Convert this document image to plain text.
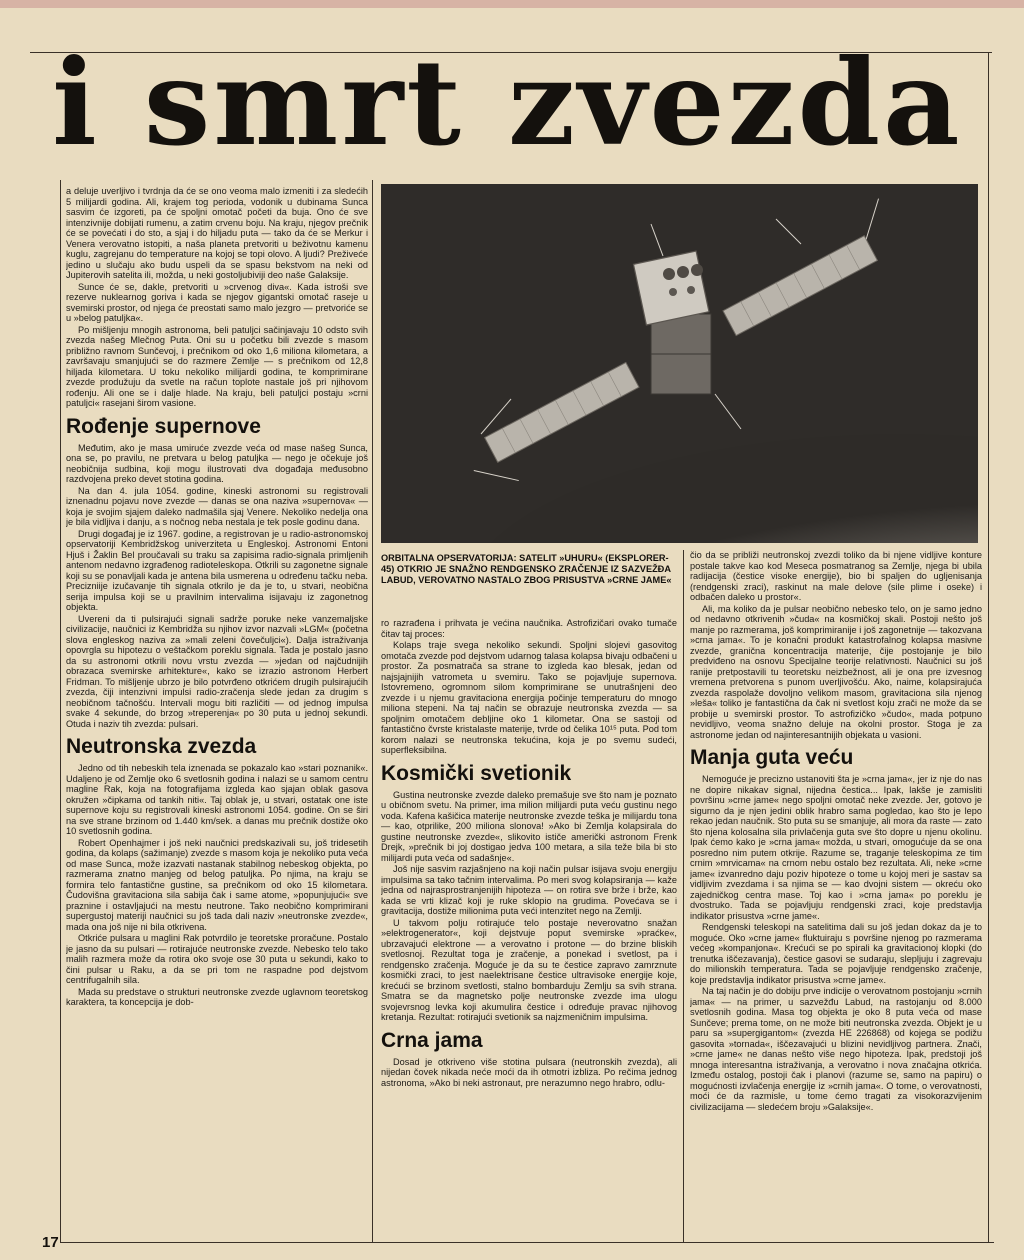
i smrt zvezda

a deluje uverljivo i tvrdnja da će se ono veoma malo izmeniti i za sledećih 5 milijardi godina. Ali, krajem tog perioda, vodonik u dubinama Sunca sasvim će izgoreti, pa će spoljni omotač početi da buja. Ono će sve intenzivnije dobijati rumenu, a zatim crvenu boju. Na kraju, njegov prečnik će se povećati i do sto, a sjaj i do hiljadu puta — tako da će se Merkur i Venera verovatno istopiti, a naša planeta pretvoriti u beživotnu kamenu kuglu, zagrejanu do temperature na kojoj se topi olovo. A ljudi? Preživeće jedino u slučaju ako budu uspeli da se spasu bekstvom na neki od Jupiterovih satelita ili, možda, u neki gostoljubiviji deo naše Galaksije.

Sunce će se, dakle, pretvoriti u »crvenog diva«. Kada istroši sve rezerve nuklearnog goriva i kada se njegov gigantski omotač raseje u svemirski prostor, od njega će preostati samo malo jezgro — pretvoriće se u »belog patuljka«.

Po mišljenju mnogih astronoma, beli patuljci sačinjavaju 10 odsto svih zvezda našeg Mlečnog Puta. Oni su u početku bili zvezde s masom približno ravnom Sunčevoj, i prečnikom od oko 1,6 miliona kilometara, a završavaju smanjujući se do razmere Zemlje — s prečnikom od 12,8 hiljada kilometara. U toku nekoliko milijardi godina, te komprimirane zvezde produžuju da svetle na račun toplote nastale još pri njihovom rođenju. Ali one se i dalje hlade. Na kraju, beli patuljci postaju »crni patuljci« rasejani širom vasione.

Rođenje supernove

Međutim, ako je masa umiruće zvezde veća od mase našeg Sunca, ona se, po pravilu, ne pretvara u belog patuljka — nego je očekuje još neobičnija sudbina, koji mogu ilustrovati dva događaja međusobno razdvojena preko devet stotina godina.

Na dan 4. jula 1054. godine, kineski astronomi su registrovali iznenadnu pojavu nove zvezde — danas se ona naziva »supernova« — koja je svojim sjajem daleko nadmašila sjaj Venere. Nekoliko nedelja ona je bila vidljiva i danju, a s nočnog neba nestala je tek posle godinu dana.

Drugi događaj je iz 1967. godine, a registrovan je u radio-astronomskoj opservatoriji Kembridžskog univerziteta u Engleskoj. Astronomi Entoni Hjuš i Žaklin Bel proučavali su traku sa zapisima radio-signala primljenih antenom nedavno izgrađenog radioteleskopa. Otkrili su zagonetne signale koji su se ponavljali kada je antena bila usmerena u određenu tačku neba. Precizniije izučavanje tih signala otkrilo je da je to, u stvari, neobična serija impulsa koji se u pravilnim intervalima isijavaju iz zagonetnog objekta.

Uvereni da ti pulsirajući signali sadrže poruke neke vanzemaljske civilizacije, naučnici iz Kembridža su njihov izvor nazvali »LGM« (početna slova engleskog naziva za »mali zeleni čovečuljci«). Dalja istraživanja opovrgla su hipotezu o veštačkom poreklu signala. Tada je postalo jasno da su astronomi otkrili novu vrstu zvezda — »jedan od najčudnijih obrazaca svemirske arhitekture«, kako se izrazio astronom Herbert Fridman. To mišljenje ubrzo je bilo potvrđeno otkrićem drugih pulsirajućih zvezda, čiji intenzivni impulsi radio-zračenja slede jedan za drugim s neobičnom tačnošću. Intervali mogu biti različiti — od jednog impulsa svake 4 sekunde, do brzog »treperenja« po 30 puta u jednoj sekundi. Otuda i naziv tih zvezda: pulsari.

Neutronska zvezda

Jedno od tih nebeskih tela iznenada se pokazalo kao »stari poznanik«. Udaljeno je od Zemlje oko 6 svetlosnih godina i nalazi se u samom centru magline Rak, koja na fotografijama izgleda kao sjajan oblak gasova okružen »čipkama od tankih niti«. Taj oblak je, u stvari, ostatak one iste supernove koju su registrovali kineski astronomi 1054. godine. On se širi na sve strane brzinom od 1.440 km/sek. a danas mu prečnik dostiže oko 10 svetlosnih godina.

Robert Openhajmer i još neki naučnici predskazivali su, još tridesetih godina, da kolaps (sažimanje) zvezde s masom koja je nekoliko puta veća od mase Sunca, može izazvati nastanak stabilnog nebeskog objekta, po razmerama znatno manjeg od belog patuljka. Po njima, na kraju se formira telo fantastične gustine, sa prečnikom od oko 15 kilometara. Čudovišna gravitaciona sila sabija čak i same atome, »popunjujući« sve praznine i ostavljajući na mestu neutrone. Tako neobično komprimirani supergustoj materiji naučnici su još tada dali naziv »neutronske zvezde«, mada ona još nije ni bila otkrivena.

Otkriće pulsara u maglini Rak potvrdilo je teoretske proračune. Postalo je jasno da su pulsari — rotirajuće neutronske zvezde. Nebesko telo tako malih razmera može da rotira oko svoje ose 30 puta u sekundi, kako to čini pulsar u Raku, a da se pri tom ne raspadne pod dejstvom centrifugalnih sila.

Mada su predstave o strukturi neutronske zvezde uglavnom teoretskog karaktera, ta koncepcija je dob-

ORBITALNA OPSERVATORIJA: SATELIT »UHURU« (EKSPLORER-45) OTKRIO JE SNAŽNO RENDGENSKO ZRAČENJE IZ SAZVEŽĐA LABUD, VEROVATNO NASTALO ZBOG PRISUSTVA »CRNE JAME«

ro razrađena i prihvata je većina naučnika. Astrofizičari ovako tumače čitav taj proces:

Kolaps traje svega nekoliko sekundi. Spoljni slojevi gasovitog omotača zvezde pod dejstvom udarnog talasa kolapsa bivaju odbačeni u prostor. Za posmatrača sa strane to izgleda kao blesak, jedan od najsjajnijih vatrometa u svemiru. Tako se pojavljuje supernova. Istovremeno, ogromnom silom komprimirane se unutrašnjeni deo zvezde i u njemu gravitaciona energija počinje temperaturu do mnogo miliona stepeni. Na taj način se obrazuje neutronska zvezda — sa spoljnim omotačem debljine oko 1 kilometar. Ona se sastoji od fantastično čvrste kristalaste materije, tvrde od čelika 10¹⁵ puta. Pod tom korom nalazi se neutronska tekućina, koja je po svemu sudeći, superfleksibilna.

Kosmički svetionik

Gustina neutronske zvezde daleko premašuje sve što nam je poznato u običnom svetu. Na primer, ima milion milijardi puta veću gustinu nego voda. Kafena kašičica materije neutronske zvezde teška je milijardu tona — kao, otprilike, 200 miliona slonova! »Ako bi Zemlja kolapsirala do gustine neutronske zvezde«, slikovito ističe američki astronom Frenk Drejk, »prečnik bi joj dostigao jedva 100 metara, a sila teže bila bi sto milijardi puta veća od sadašnje«.

Još nije sasvim razjašnjeno na koji način pulsar isijava svoju energiju impulsima sa tako tačnim intervalima. Po meri svog kolapsiranja — kaže jedna od najrasprostranjenijih hipoteza — on rotira sve brže i brže, kao kada se vrti klizač koji je ruke sklopio na grudima. Povećava se i gravitacija, dostiže milionima puta veći intenzitet nego na Zemlji.

U takvom polju rotirajuće telo postaje neverovatno snažan »elektrogenerator«, koji dejstvuje poput svemirske »praćke«, ubrzavajući elektrone — a verovatno i protone — do brzine bliskih svetlosnoj. Rezultat toga je zračenje, a ponekad i svetlost, pa i rendgensko zračenja. Moguće je da su te čestice zapravo zamrznute kosmički zraci, to jest naelektrisane čestice ultravisoke energije koje, krećući se brzinom svetlosti, stalno bombarduju Zemlju sa svih strana. Smatra se da magnetsko polje neutronske zvezde ima ulogu svojevrsnog levka koji akumulira čestice i određuje pravac njihovog kretanja. Rezultat: rotirajući svetionik sa najzmeničnim impulsima.

Crna jama

Dosad je otkriveno više stotina pulsara (neutronskih zvezda), ali nijedan čovek nikada neće moći da ih otmotri izbliza. Po rečima jednog astronoma, »Ako bi neki astronaut, pre nerazumno nego hrabro, odlu-

čio da se približi neutronskoj zvezdi toliko da bi njene vidljive konture postale takve kao kod Meseca posmatranog sa Zemlje, njega bi ubila radijacija (čestice visoke energije), bio bi spaljen do ugljenisanja (rendgenski zraci), raskinut na male delove (sile plime i oseke) i odbačen daleko u prostor«.

Ali, ma koliko da je pulsar neobično nebesko telo, on je samo jedno od nedavno otkrivenih »čuda« na kosmičkoj skali. Postoji nešto još manje po razmerama, još komprimiranije i još zagonetnije — takozvana »crna jama«. To je konačni produkt katastrofalnog kolapsa masivne zvezde, granična koncentracija materije, čije postojanje je bilo predviđeno na osnovu Specijalne teorije relativnosti. Naučnici su još ranije pretpostavili tu teoretsku neizbežnost, ali je ona pre izvesnog vremena pretvorena s punom uverljivošću. Ako, naime, kolapsirajuća zvezda raspolaže dovoljno velikom masom, gravitaciona sila njenog »leša« toliko je fantastična da čak ni svetlost koju zrači ne može da se probije u svemirski prostor. To astrofizičko »čudo«, mada potpuno nevidljivo, veoma snažno deluje na okolni prostor. Stoga je za astronome jedan od najinteresantnijih objekata u vasioni.

Manja guta veću

Nemoguće je precizno ustanoviti šta je »crna jama«, jer iz nje do nas ne dopire nikakav signal, nijedna čestica... Ipak, lakše je zamisliti površinu »crne jame« nego spoljni omotač neke zvezde. Jer, gotovo je sigurno da je njen jedini oblik hrabro sama pogledao, kao što je lepo rekao jedan naučnik. Sto puta su se smanjuje, ali mora da raste — zato što njena kolosalna sila privlačenja guta sve što dopre u njenu okolinu. Ipak ćemo kako je »crna jama« možda, u stvari, omogućuje da se ona posredno nim putem otkrije. Razume se, traganje teleskopima ze tim crnim »mrvicama« na crnom nebu ostalo bez rezultata. Ali, neke »crne jame« izvanredno daju poziv hipoteze o tome u kojoj meri je sastav sa vidljivim zvezdama i sa njima se — kao dvojni sistem — okreću oko zajedničkog centra mase. Toj kao i »crna jama« po poreklu je dvostruko. Tada se pojavljuju rendgenski zraci, koje predstavlja indikator prisustva »crne jame«.

Rendgenski teleskopi na satelitima dali su još jedan dokaz da je to moguće. Oko »crne jame« fluktuiraju s površine njenog po razmerama većeg »kompanjona«. Krećući se po spirali ka gravitacionoj klopki (do trenutka iščezavanja), čestice gasovi se sudaraju, slepljuju i zagrevaju do milionskih temperatura. Tada se pojavljuje rendgensko zračenje, koje predstavlja indikator prisustva »crne jame«.

Na taj način je do dobiju prve indicije o verovatnom postojanju »crnih jama« — na primer, u sazvežđu Labud, na rastojanju od 8.000 svetlosnih godina. Masa tog objekta je oko 8 puta veća od mase Sunčeve; prema tome, on ne može biti neutronska zvezda. Objekt je u paru sa »supergigantom« (zvezda HE 226868) od kojega se podižu gasovita »tornada«, iščezavajući u blizini nevidljivog partnera. Znači, »crne jame« ne danas nešto više nego hipoteza. Ipak, predstoji još mnoga interesantna istraživanja, a verovatno i nova značajna otkrića. Između ostalog, postoji čak i planovi (razume se, samo na papiru) o mogućnosti izvlačenja energije iz »crnih jama«. O tome, o verovatnosti, moći će da razmisle, u tome ćemo tragati za visokorazvijenim civilizacijama — sledećem broju »Galaksije«.

17
